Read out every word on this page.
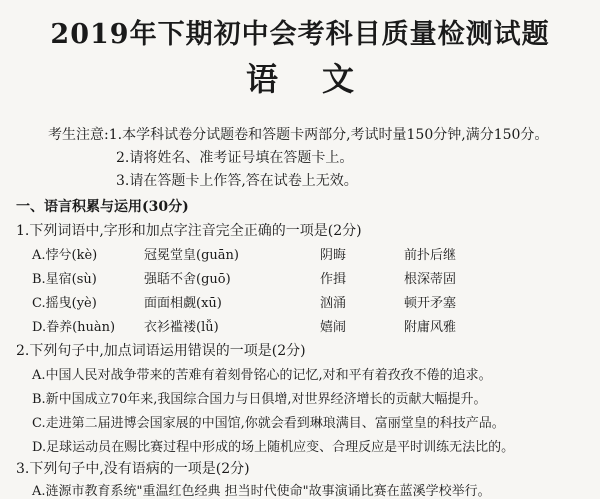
2019年下期初中会考科目质量检测试题
语文
考生注意:1.本学科试卷分试题卷和答题卡两部分,考试时量150分钟,满分150分。
2.请将姓名、准考证号填在答题卡上。
3.请在答题卡上作答,答在试卷上无效。
一、语言积累与运用(30分)
1.下列词语中,字形和加点字注音完全正确的一项是(2分)
A.悖兮(kè)	冠冕堂皇(guān)	阴晦	前扑后继
B.星宿(sù)	强聒不舍(guō)	作揖	根深蒂固
C.摇曳(yè)	面面相觑(xū)	汹涌	顿开矛塞
D.眷养(huàn)	衣衫褴褛(lǚ)	嬉闹	附庸风雅
2.下列句子中,加点词语运用错误的一项是(2分)
A.中国人民对战争带来的苦难有着刻骨铭心的记忆,对和平有着孜孜不倦的追求。
B.新中国成立70年来,我国综合国力与日俱增,对世界经济增长的贡献大幅提升。
C.走进第二届进博会国家展的中国馆,你就会看到琳琅满目、富丽堂皇的科技产品。
D.足球运动员在赐比赛过程中形成的场上随机应变、合理反应是平时训练无法比的。
3.下列句子中,没有语病的一项是(2分)
A.涟源市教育系统"重温红色经典 担当时代使命"故事演诵比赛在蓝溪学校举行。
